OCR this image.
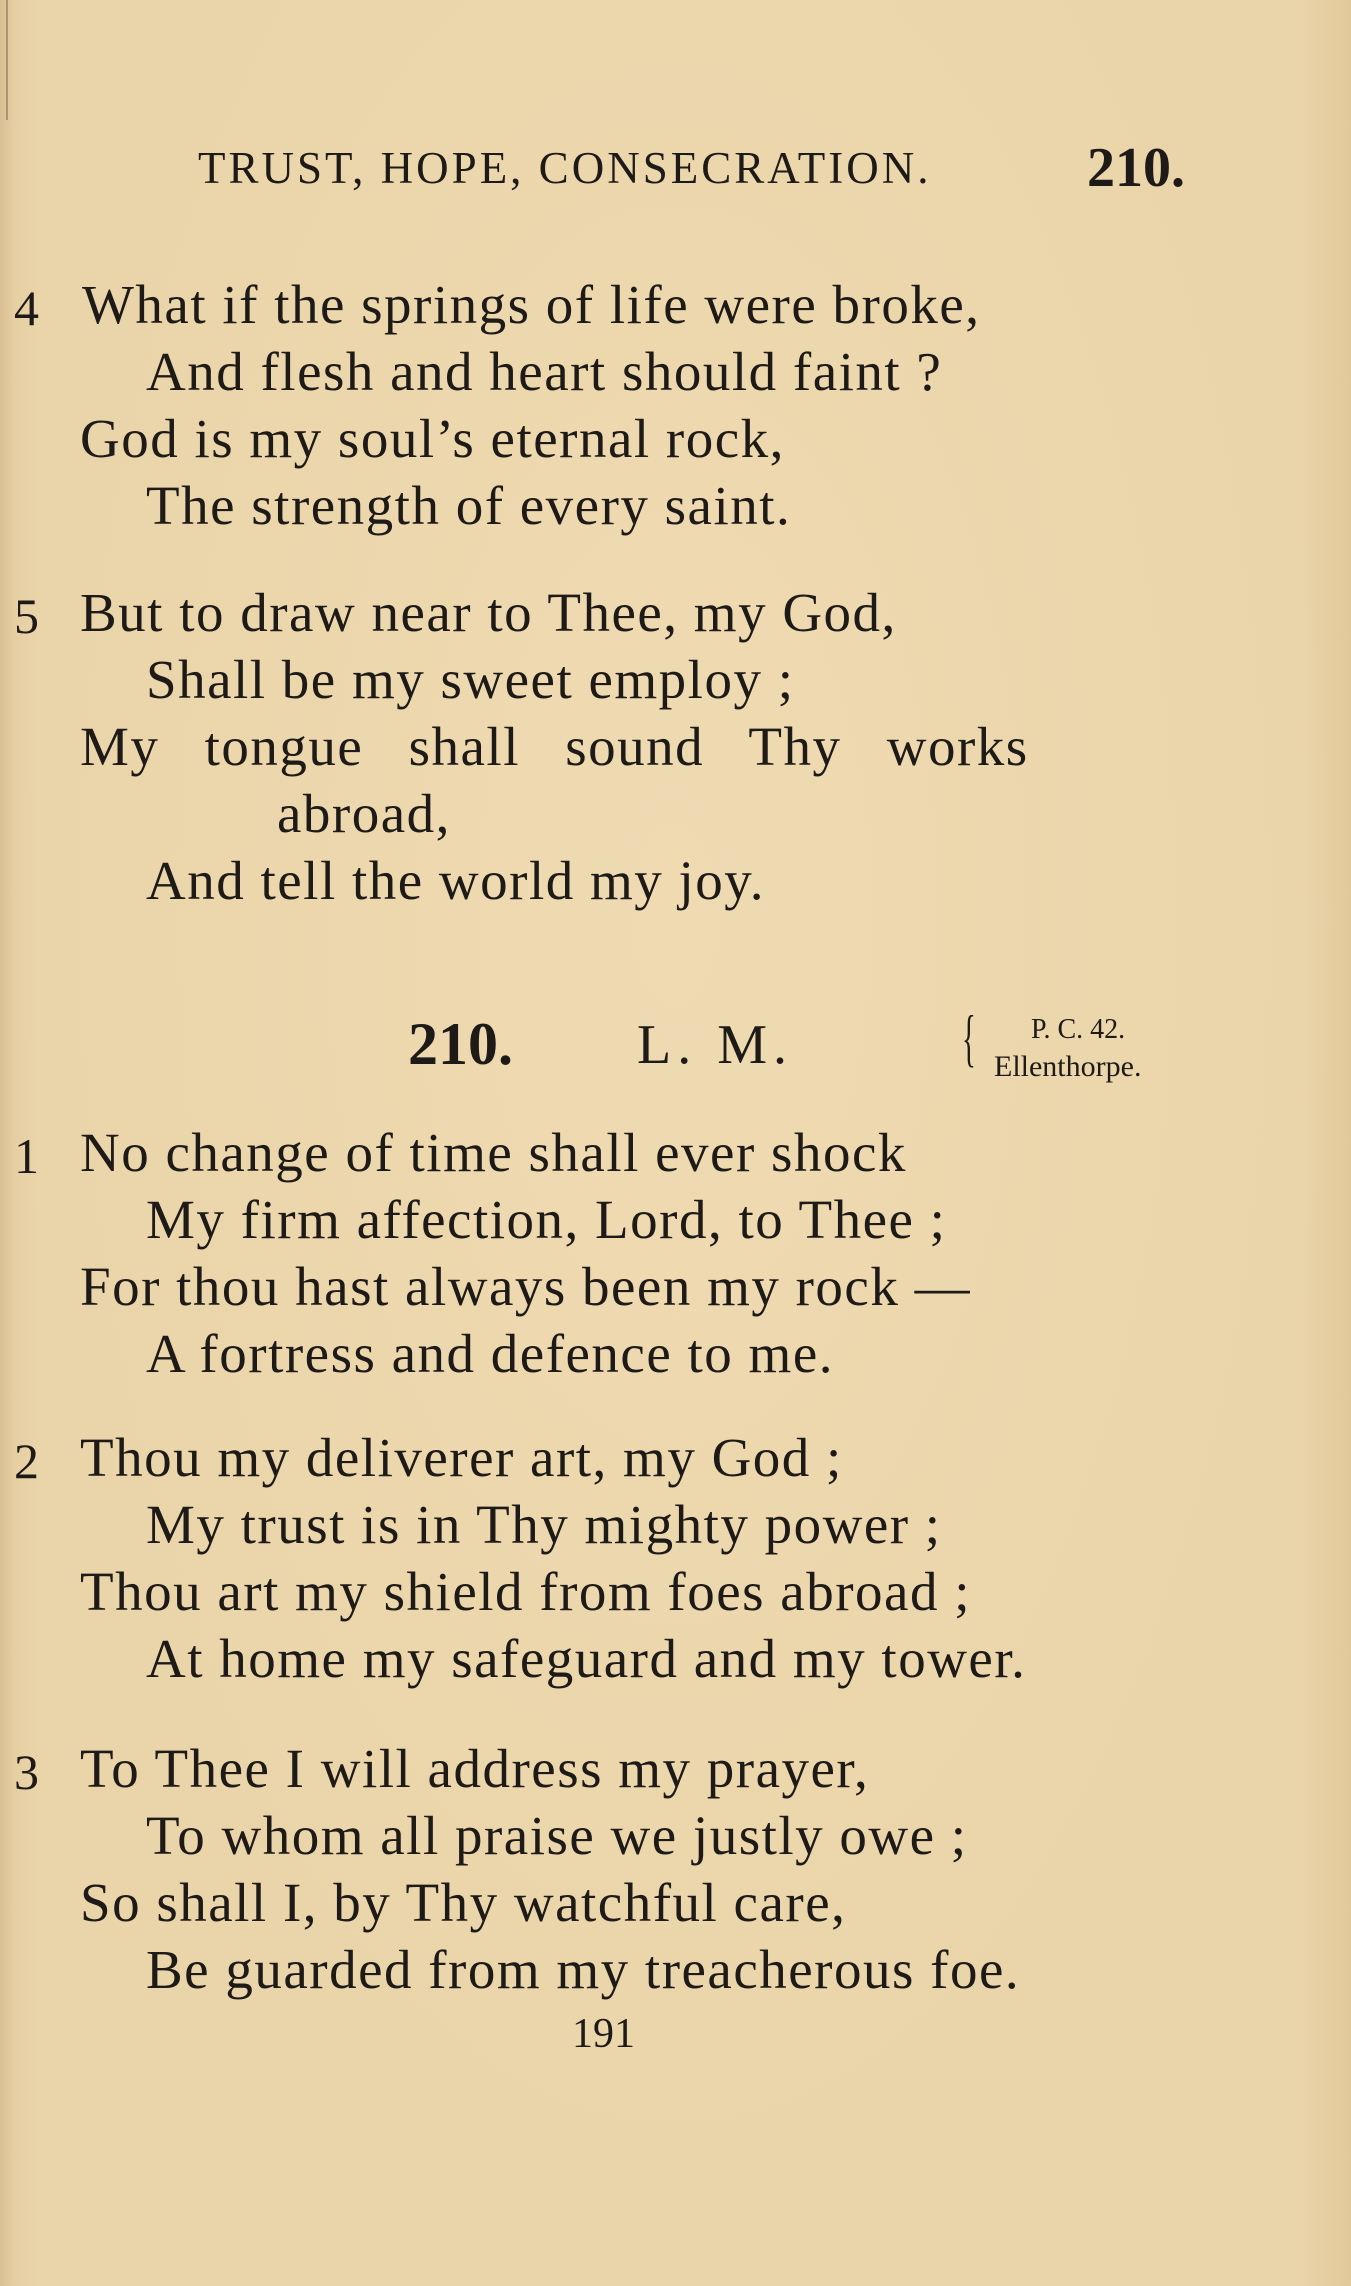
TRUST, HOPE, CONSECRATION.	210.
4 What if the springs of life were broke,
And flesh and heart should faint ?
God is my soul’s eternal rock,
The strength of every saint.
5 But to draw near to Thee, my God,
Shall be my sweet employ ;
My tongue shall sound Thy works
abroad,
And tell the world my joy.
210. L. M.	{ P. C. 42.
Ellenthorpe.
1 No change of time shall ever shock
My firm affection, Lord, to Thee ;
For thou hast always been my rock —
A fortress and defence to me.
2 Thou my deliverer art, my God ;
My trust is in Thy mighty power ;
Thou art my shield from foes abroad ;
At home my safeguard and my tower.
3 To Thee I will address my prayer,
To whom all praise we justly owe ;
So shall I, by Thy watchful care,
Be guarded from my treacherous foe.
191
